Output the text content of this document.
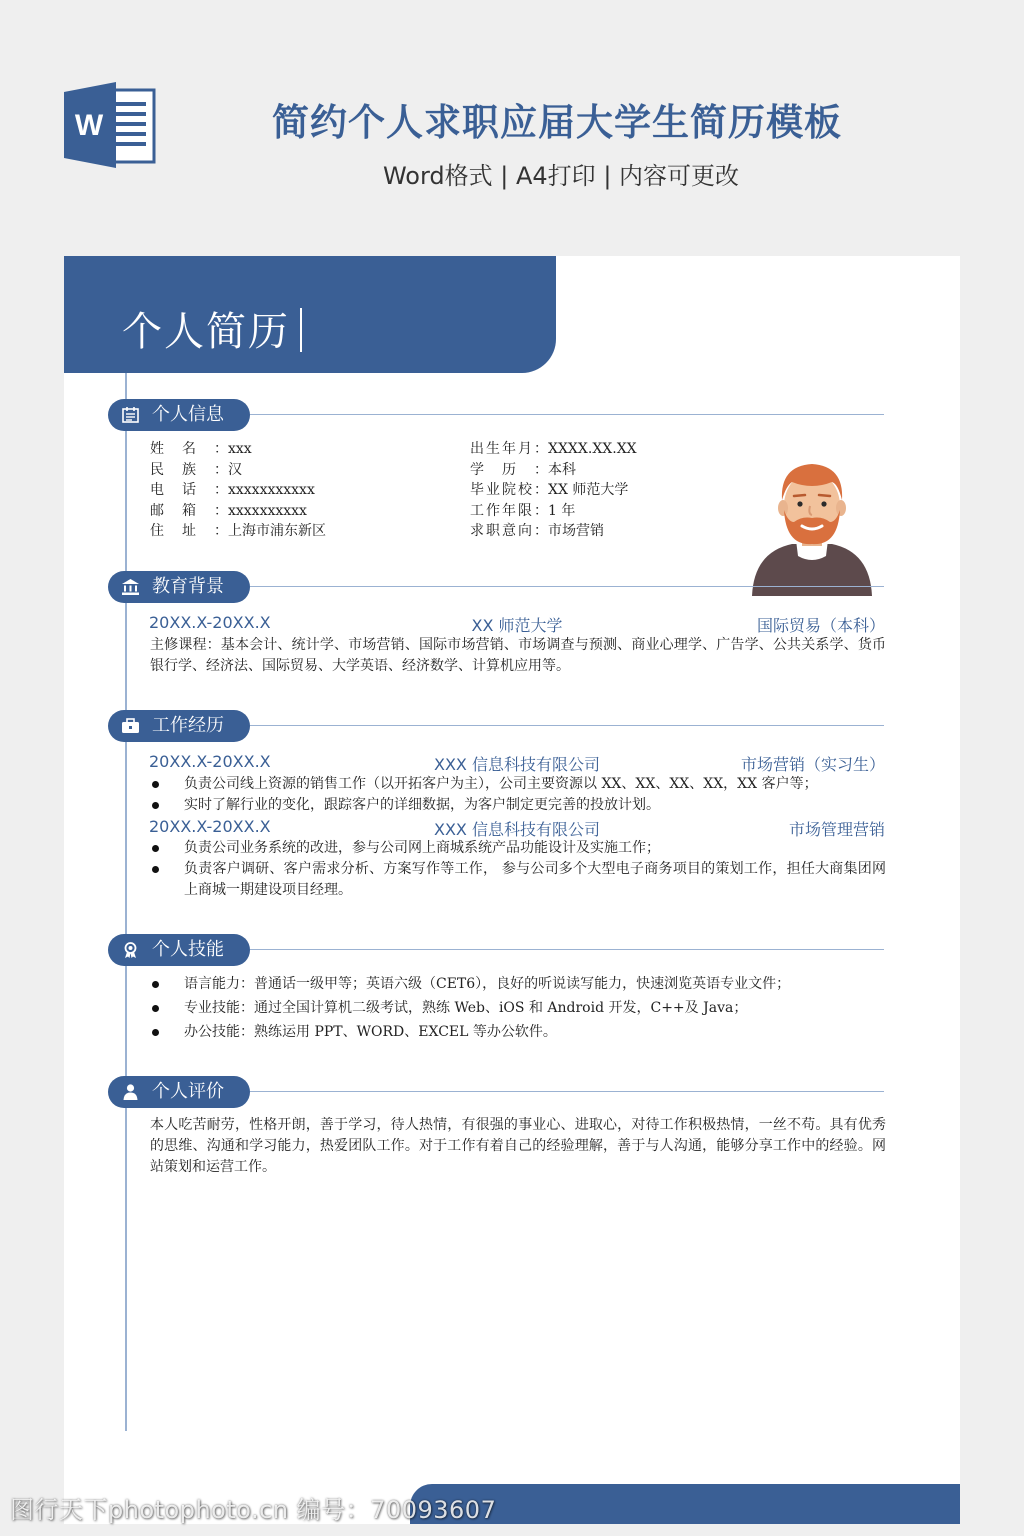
W	简约个人求职应届大学生简历模板
Word格式 | A4打印 | 内容可更改
个人简历
个人信息
姓名：xxx
民族：汉
电话：xxxxxxxxxxx
邮箱：xxxxxxxxxx
住址：上海市浦东新区
出生年月：XXXX.XX.XX
学历：本科
毕业院校：XX 师范大学
工作年限：1 年
求职意向：市场营销
教育背景
20XX.X-20XX.X	XX 师范大学	国际贸易（本科）
主修课程：基本会计、统计学、市场营销、国际市场营销、市场调查与预测、商业心理学、广告学、公共关系学、货币银行学、经济法、国际贸易、大学英语、经济数学、计算机应用等。
工作经历
20XX.X-20XX.X	XXX 信息科技有限公司	市场营销（实习生）
负责公司线上资源的销售工作（以开拓客户为主），公司主要资源以 XX、XX、XX、XX，XX 客户等；
实时了解行业的变化，跟踪客户的详细数据，为客户制定更完善的投放计划。
20XX.X-20XX.X	XXX 信息科技有限公司	市场管理营销
负责公司业务系统的改进，参与公司网上商城系统产品功能设计及实施工作；
负责客户调研、客户需求分析、方案写作等工作， 参与公司多个大型电子商务项目的策划工作，担任大商集团网上商城一期建设项目经理。
个人技能
语言能力：普通话一级甲等；英语六级（CET6），良好的听说读写能力，快速浏览英语专业文件；
专业技能：通过全国计算机二级考试，熟练 Web、iOS 和 Android 开发，C++及 Java；
办公技能：熟练运用 PPT、WORD、EXCEL 等办公软件。
个人评价
本人吃苦耐劳，性格开朗，善于学习，待人热情，有很强的事业心、进取心，对待工作积极热情，一丝不苟。具有优秀的思维、沟通和学习能力，热爱团队工作。对于工作有着自己的经验理解，善于与人沟通，能够分享工作中的经验。网站策划和运营工作。
图行天下photophoto.cn 编号：70093607
